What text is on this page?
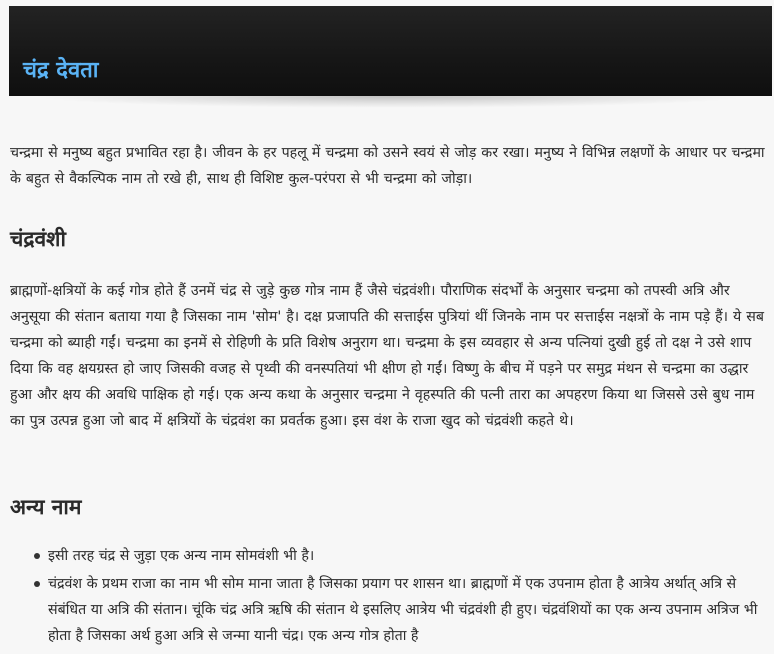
चंद्र देवता

चन्द्रमा से मनुष्य बहुत प्रभावित रहा है। जीवन के हर पहलू में चन्द्रमा को उसने स्वयं से जोड़ कर रखा। मनुष्य ने विभिन्न लक्षणों के आधार पर चन्द्रमा के बहुत से वैकल्पिक नाम तो रखे ही, साथ ही विशिष्ट कुल-परंपरा से भी चन्द्रमा को जोड़ा।

चंद्रवंशी

ब्राह्मणों-क्षत्रियों के कई गोत्र होते हैं उनमें चंद्र से जुड़े कुछ गोत्र नाम हैं जैसे चंद्रवंशी। पौराणिक संदर्भों के अनुसार चन्द्रमा को तपस्वी अत्रि और अनुसूया की संतान बताया गया है जिसका नाम 'सोम' है। दक्ष प्रजापति की सत्ताईस पुत्रियां थीं जिनके नाम पर सत्ताईस नक्षत्रों के नाम पड़े हैं। ये सब चन्द्रमा को ब्याही गईं। चन्द्रमा का इनमें से रोहिणी के प्रति विशेष अनुराग था। चन्द्रमा के इस व्यवहार से अन्य पत्नियां दुखी हुई तो दक्ष ने उसे शाप दिया कि वह क्षयग्रस्त हो जाए जिसकी वजह से पृथ्वी की वनस्पतियां भी क्षीण हो गईं। विष्णु के बीच में पड़ने पर समुद्र मंथन से चन्द्रमा का उद्धार हुआ और क्षय की अवधि पाक्षिक हो गई। एक अन्य कथा के अनुसार चन्द्रमा ने वृहस्पति की पत्नी तारा का अपहरण किया था जिससे उसे बुध नाम का पुत्र उत्पन्न हुआ जो बाद में क्षत्रियों के चंद्रवंश का प्रवर्तक हुआ। इस वंश के राजा खुद को चंद्रवंशी कहते थे।

अन्य नाम
इसी तरह चंद्र से जुड़ा एक अन्य नाम सोमवंशी भी है।
चंद्रवंश के प्रथम राजा का नाम भी सोम माना जाता है जिसका प्रयाग पर शासन था। ब्राह्मणों में एक उपनाम होता है आत्रेय अर्थात् अत्रि से संबंधित या अत्रि की संतान। चूंकि चंद्र अत्रि ऋषि की संतान थे इसलिए आत्रेय भी चंद्रवंशी ही हुए। चंद्रवंशियों का एक अन्य उपनाम अत्रिज भी होता है जिसका अर्थ हुआ अत्रि से जन्मा यानी चंद्र। एक अन्य गोत्र होता है
